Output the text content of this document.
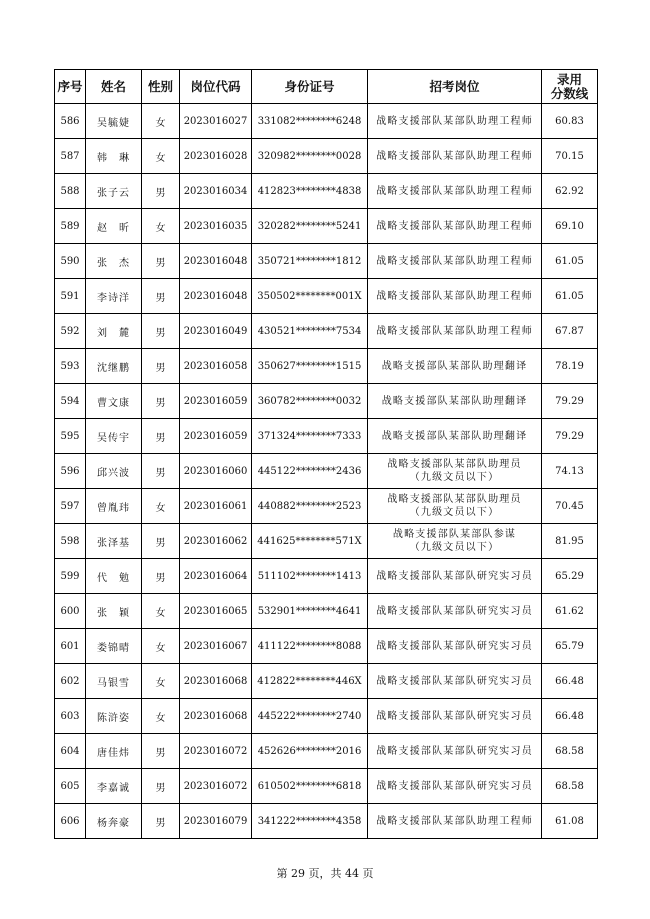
序号	姓名	性别	岗位代码	身份证号	招考岗位	录用
分数线

586	吴毓婕	女	2023016027	331082********6248	战略支援部队某部队助理工程师	60.83
587	韩　琳	女	2023016028	320982********0028	战略支援部队某部队助理工程师	70.15
588	张子云	男	2023016034	412823********4838	战略支援部队某部队助理工程师	62.92
589	赵　昕	女	2023016035	320282********5241	战略支援部队某部队助理工程师	69.10
590	张　杰	男	2023016048	350721********1812	战略支援部队某部队助理工程师	61.05
591	李诗洋	男	2023016048	350502********001X	战略支援部队某部队助理工程师	61.05
592	刘　麓	男	2023016049	430521********7534	战略支援部队某部队助理工程师	67.87
593	沈继鹏	男	2023016058	350627********1515	战略支援部队某部队助理翻译	78.19
594	曹文康	男	2023016059	360782********0032	战略支援部队某部队助理翻译	79.29
595	吴传宇	男	2023016059	371324********7333	战略支援部队某部队助理翻译	79.29
596	邱兴波	男	2023016060	445122********2436	战略支援部队某部队助理员
（九级文员以下）	74.13
597	曾胤玮	女	2023016061	440882********2523	战略支援部队某部队助理员
（九级文员以下）	70.45
598	张泽基	男	2023016062	441625********571X	战略支援部队某部队参谋
（九级文员以下）	81.95
599	代　勉	男	2023016064	511102********1413	战略支援部队某部队研究实习员	65.29
600	张　颖	女	2023016065	532901********4641	战略支援部队某部队研究实习员	61.62
601	娄锦晴	女	2023016067	411122********8088	战略支援部队某部队研究实习员	65.79
602	马银雪	女	2023016068	412822********446X	战略支援部队某部队研究实习员	66.48
603	陈浒姿	女	2023016068	445222********2740	战略支援部队某部队研究实习员	66.48
604	唐佳炜	男	2023016072	452626********2016	战略支援部队某部队研究实习员	68.58
605	李嘉诚	男	2023016072	610502********6818	战略支援部队某部队研究实习员	68.58
606	杨奔豪	男	2023016079	341222********4358	战略支援部队某部队助理工程师	61.08
第 29 页，共 44 页
